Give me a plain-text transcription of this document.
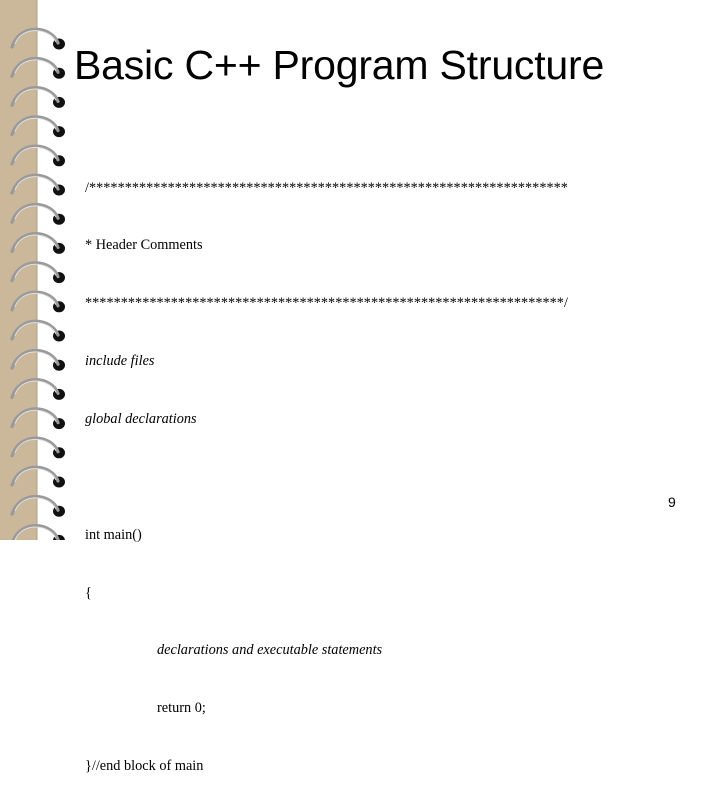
Basic C++ Program Structure

/*******************************************************************

* Header Comments

*******************************************************************/

include files

global declarations

int main()

{

declarations and executable statements

return 0;

}//end block of main

9
